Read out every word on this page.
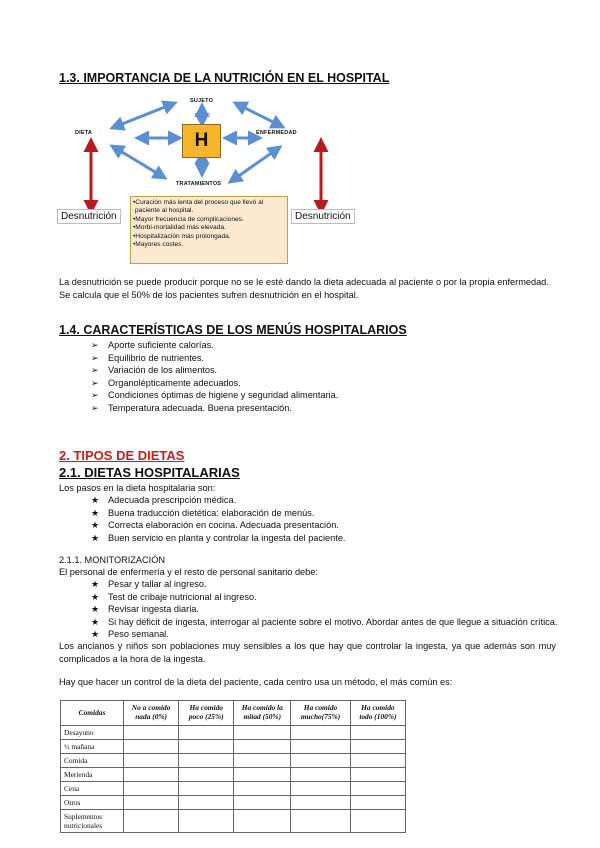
1.3. IMPORTANCIA DE LA NUTRICIÓN EN EL HOSPITAL
SUJETO
DIETA	ENFERMEDAD
TRATAMIENTOS
H
•Curación más lenta del proceso que llevó al
paciente al hospital.
•Mayor frecuencia de complicaciones.
•Morbi-mortalidad más elevada.
•Hospitalización más prolongada.
•Mayores costes.
Desnutrición	Desnutrición
La desnutrición se puede producir porque no se le esté dando la dieta adecuada al paciente o por la propia enfermedad.
Se calcula que el 50% de los pacientes sufren desnutrición en el hospital.
1.4. CARACTERÍSTICAS DE LOS MENÚS HOSPITALARIOS
➢ Aporte suficiente calorías.
➢ Equilibrio de nutrientes.
➢ Variación de los alimentos.
➢ Organolépticamente adecuados.
➢ Condiciones óptimas de higiene y seguridad alimentaria.
➢ Temperatura adecuada. Buena presentación.
2. TIPOS DE DIETAS
2.1. DIETAS HOSPITALARIAS
Los pasos en la dieta hospitalaria son:
★ Adecuada prescripción médica.
★ Buena traducción dietética: elaboración de menús.
★ Correcta elaboración en cocina. Adecuada presentación.
★ Buen servicio en planta y controlar la ingesta del paciente.
2.1.1. MONITORIZACIÓN
El personal de enfermería y el resto de personal sanitario debe:
★ Pesar y tallar al ingreso.
★ Test de cribaje nutricional al ingreso.
★ Revisar ingesta diaria.
★ Si hay déficit de ingesta, interrogar al paciente sobre el motivo. Abordar antes de que llegue a situación crítica.
★ Peso semanal.
Los ancianos y niños son poblaciones muy sensibles a los que hay que controlar la ingesta, ya que además son muy complicados a la hora de la ingesta.
Hay que hacer un control de la dieta del paciente, cada centro usa un método, el más común es:
Comidas	No a comido nada (0%)	Ha comido poco (25%)	Ha comido la mitad (50%)	Ha comido mucho(75%)	Ha comido todo (100%)
Desayuno					
½ mañana					
Comida					
Merienda					
Cena					
Otros					
Suplementos nutricionales					
